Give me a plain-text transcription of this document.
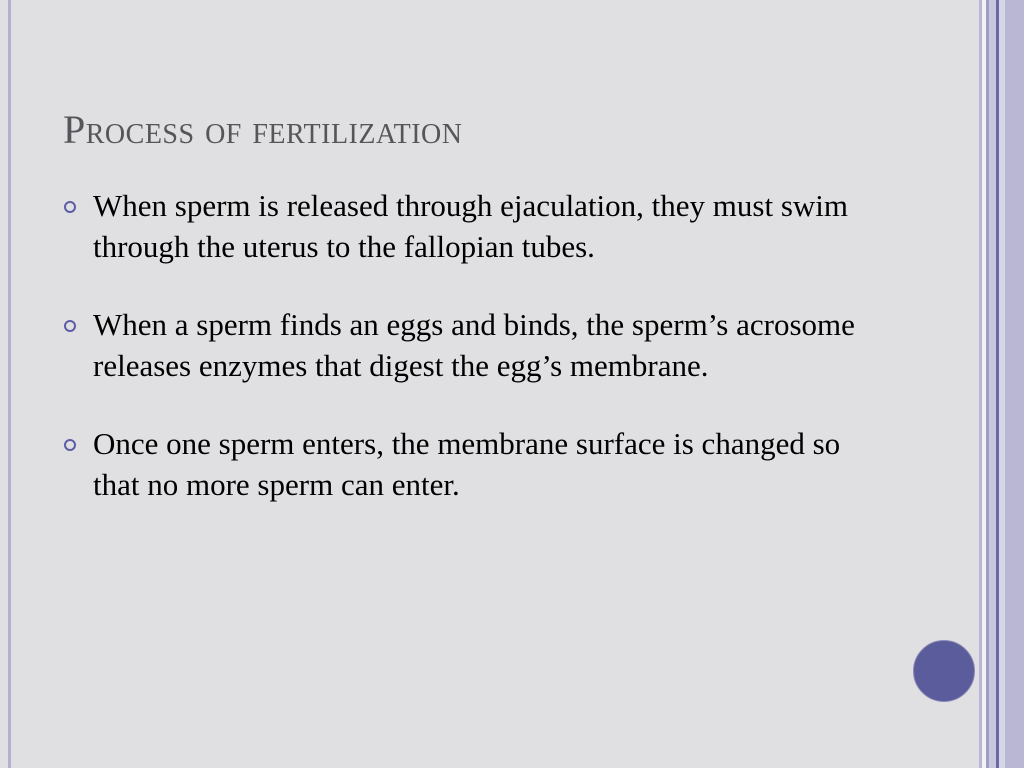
Process of fertilization
When sperm is released through ejaculation, they must swim through the uterus to the fallopian tubes.
When a sperm finds an eggs and binds, the sperm’s acrosome releases enzymes that digest the egg’s membrane.
Once one sperm enters, the membrane surface is changed so that no more sperm can enter.
